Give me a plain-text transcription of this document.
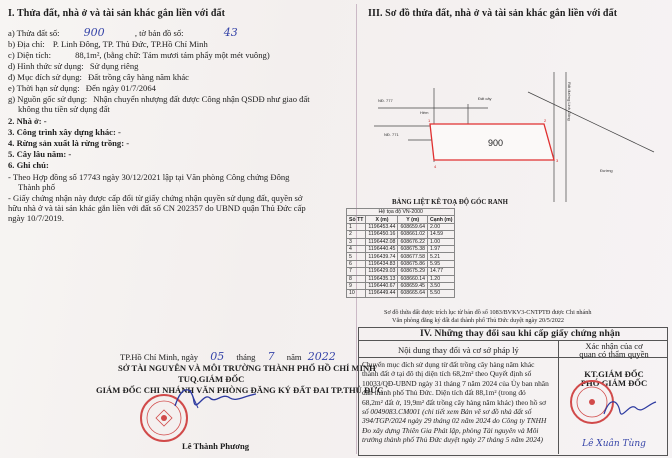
I. Thửa đất, nhà ở và tài sản khác gắn liền với đất
a) Thửa đất số: 900	, tờ bản đồ số:	43
b) Địa chỉ: P. Linh Đông, TP. Thủ Đức, TP.Hồ Chí Minh
c) Diện tích:	88,1m², (bằng chữ: Tám mươi tám phẩy một mét vuông)
d) Hình thức sử dụng: Sử dụng riêng
đ) Mục đích sử dụng: Đất trồng cây hàng năm khác
e) Thời hạn sử dụng: Đến ngày 01/7/2064
g) Nguồn gốc sử dụng: Nhận chuyển nhượng đất được Công nhận QSDĐ như giao đất
không thu tiền sử dụng đất
2. Nhà ở: -
3. Công trình xây dựng khác: -
4. Rừng sản xuất là rừng trồng: -
5. Cây lâu năm: -
6. Ghi chú:
- Theo Hợp đồng số 17743 ngày 30/12/2021 lập tại Văn phòng Công chứng Đông
Thành phố
- Giấy chứng nhận này được cấp đổi từ giấy chứng nhận quyền sử dụng đất, quyền sở
hữu nhà ở và tài sản khác gắn liền với đất số CN 202357 do UBND quận Thủ Đức cấp
ngày 10/7/2019.
TP.Hồ Chí Minh, ngày 05 tháng 7 năm 2022
SỞ TÀI NGUYÊN VÀ MÔI TRƯỜNG THÀNH PHỐ HỒ CHÍ MINH
TUQ.GIÁM ĐỐC
GIÁM ĐỐC CHI NHÁNH VĂN PHÒNG ĐĂNG KÝ ĐẤT ĐAI TP.THỦ ĐỨC
Lê Thành Phương
III. Sơ đồ thửa đất, nhà ở và tài sản khác gắn liền với đất
1	2
3
4
900
Hẻm
NĐ. 771
NĐ. 777	Rất đường Linh Đông
Đường
Đất cây
BẢNG LIỆT KÊ TOẠ ĐỘ GÓC RANH
Hệ tọa độ VN-2000			
Số TT	X (m)	Y (m)	Cạnh (m)
1	1196453.44	608659.64	2.00
2	1196450.16	608661.02	14.59
3	1196442.08	608676.22	1.00
4	1196440.45	608675.38	1.97
5	1196439.74	608677.58	5.21
6	1196434.83	608675.86	5.95
7	1196429.03	608675.29	14.77
8	1196435.13	608660.14	1.20
9	1196440.67	608659.45	3.50
10	1196449.44	608665.64	5.50
Sơ đồ thửa đất được trích lục từ bản đồ số 1083/BVKV3-CNTPTĐ được Chi nhánh
Văn phòng đăng ký đất đai thành phố Thủ Đức duyệt ngày 20/5/2022
IV. Những thay đổi sau khi cấp giấy chứng nhận
Nội dung thay đổi và cơ sở pháp lý	Xác nhận của cơ
quan có thẩm quyền
Chuyển mục đích sử dụng từ đất trồng cây hàng năm khác
thành đất ở tại đô thị diện tích 68,2m² theo Quyết định số
10033/QĐ-UBND ngày 31 tháng 7 năm 2024 của Ủy ban nhân
dân thành phố Thủ Đức. Diện tích đất 88,1m² (trong đó
68,2m² đất ở, 19,9m² đất trồng cây hàng năm khác) theo hồ sơ
số 0049083.CM001 (chi tiết xem Bản vẽ sơ đồ nhà đất số
394/TGP/2024 ngày 29 tháng 02 năm 2024 do Công ty TNHH
Đo xây dựng Thiên Gia Phát lập, phòng Tài nguyên và Môi
trường thành phố Thủ Đức duyệt ngày 27 tháng 5 năm 2024)
KT.GIÁM ĐỐC
PHÓ GIÁM ĐỐC
Lê Xuân Tùng
